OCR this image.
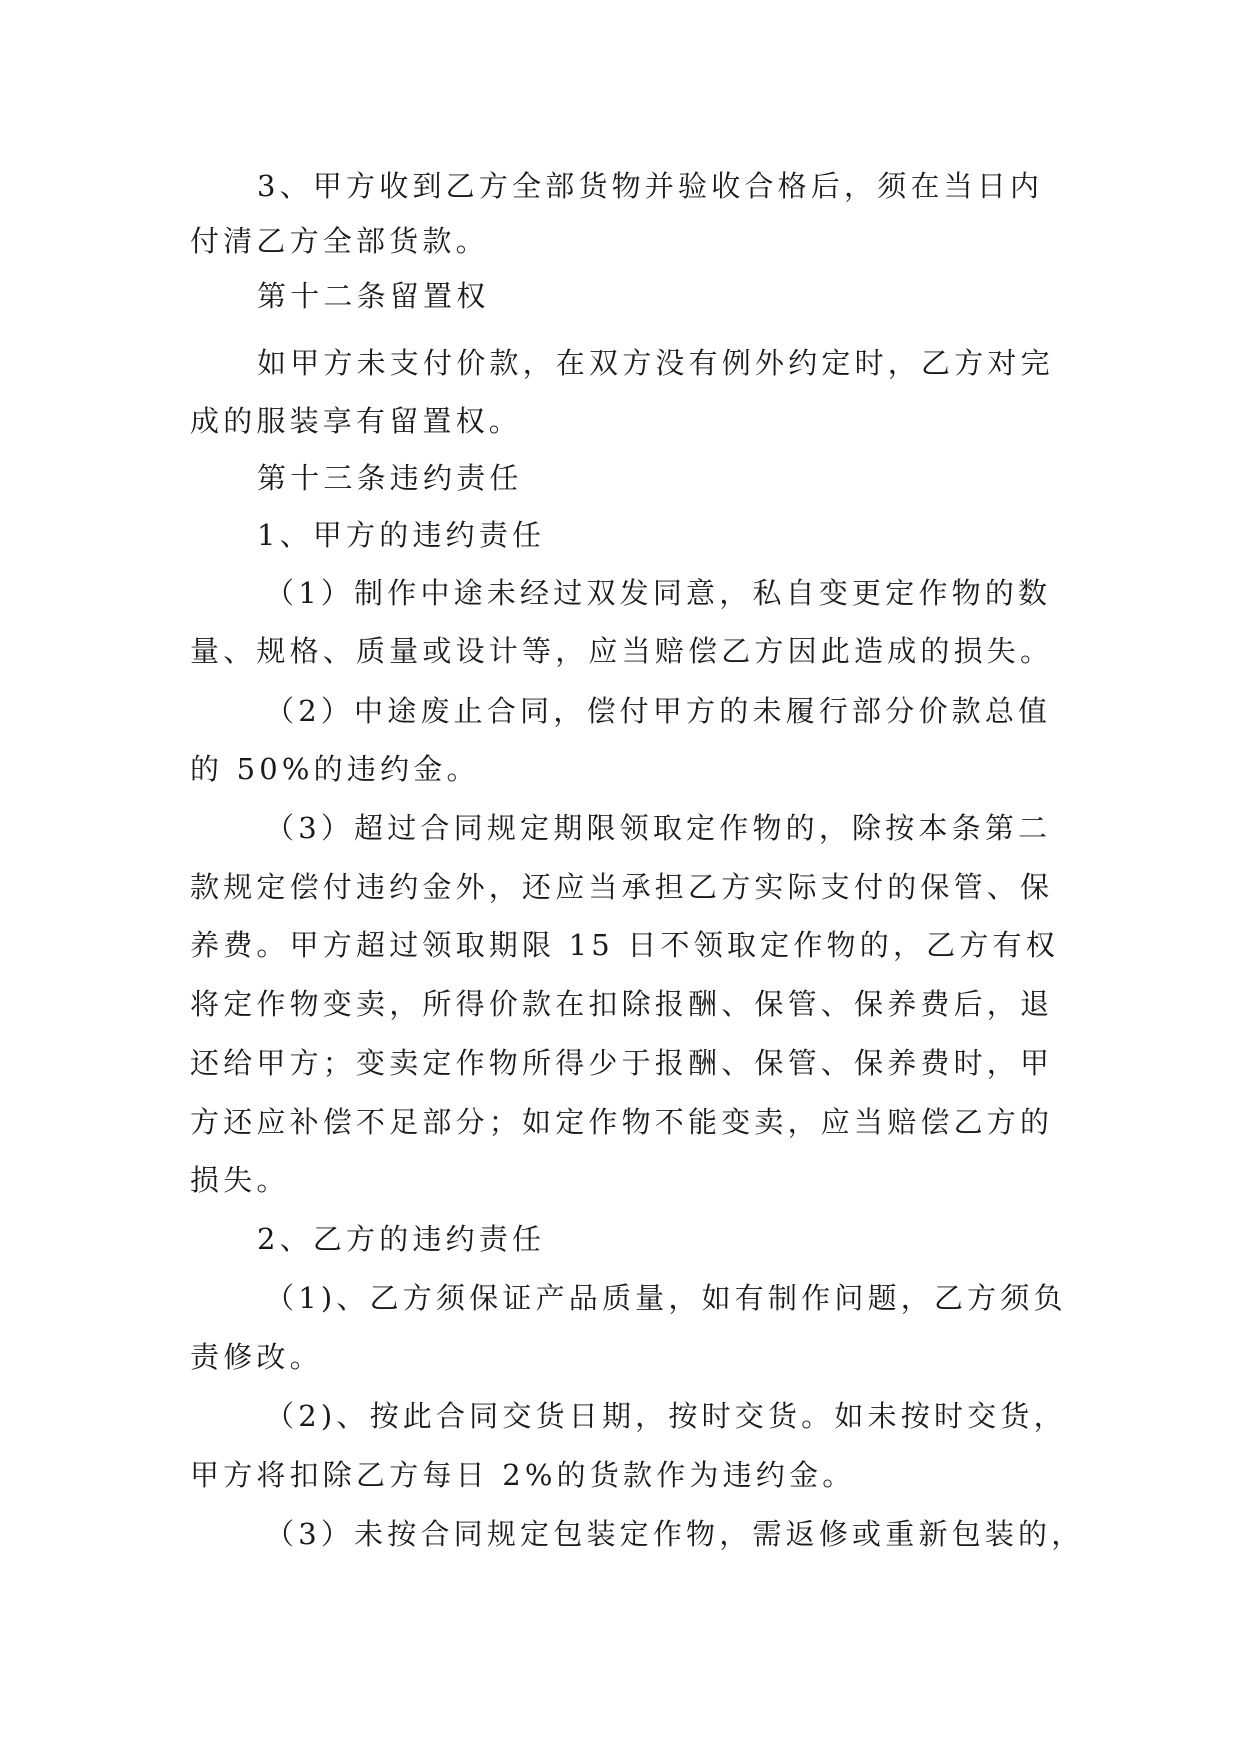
3、甲方收到乙方全部货物并验收合格后，须在当日内
付清乙方全部货款。
第十二条留置权
如甲方未支付价款，在双方没有例外约定时，乙方对完
成的服装享有留置权。
第十三条违约责任
1、甲方的违约责任
（1）制作中途未经过双发同意，私自变更定作物的数
量、规格、质量或设计等，应当赔偿乙方因此造成的损失。
（2）中途废止合同，偿付甲方的未履行部分价款总值
的 50%的违约金。
（3）超过合同规定期限领取定作物的，除按本条第二
款规定偿付违约金外，还应当承担乙方实际支付的保管、保
养费。甲方超过领取期限 15 日不领取定作物的，乙方有权
将定作物变卖，所得价款在扣除报酬、保管、保养费后，退
还给甲方；变卖定作物所得少于报酬、保管、保养费时，甲
方还应补偿不足部分；如定作物不能变卖，应当赔偿乙方的
损失。
2、乙方的违约责任
（1)、乙方须保证产品质量，如有制作问题，乙方须负
责修改。
（2)、按此合同交货日期，按时交货。如未按时交货，
甲方将扣除乙方每日 2%的货款作为违约金。
（3）未按合同规定包装定作物，需返修或重新包装的，
